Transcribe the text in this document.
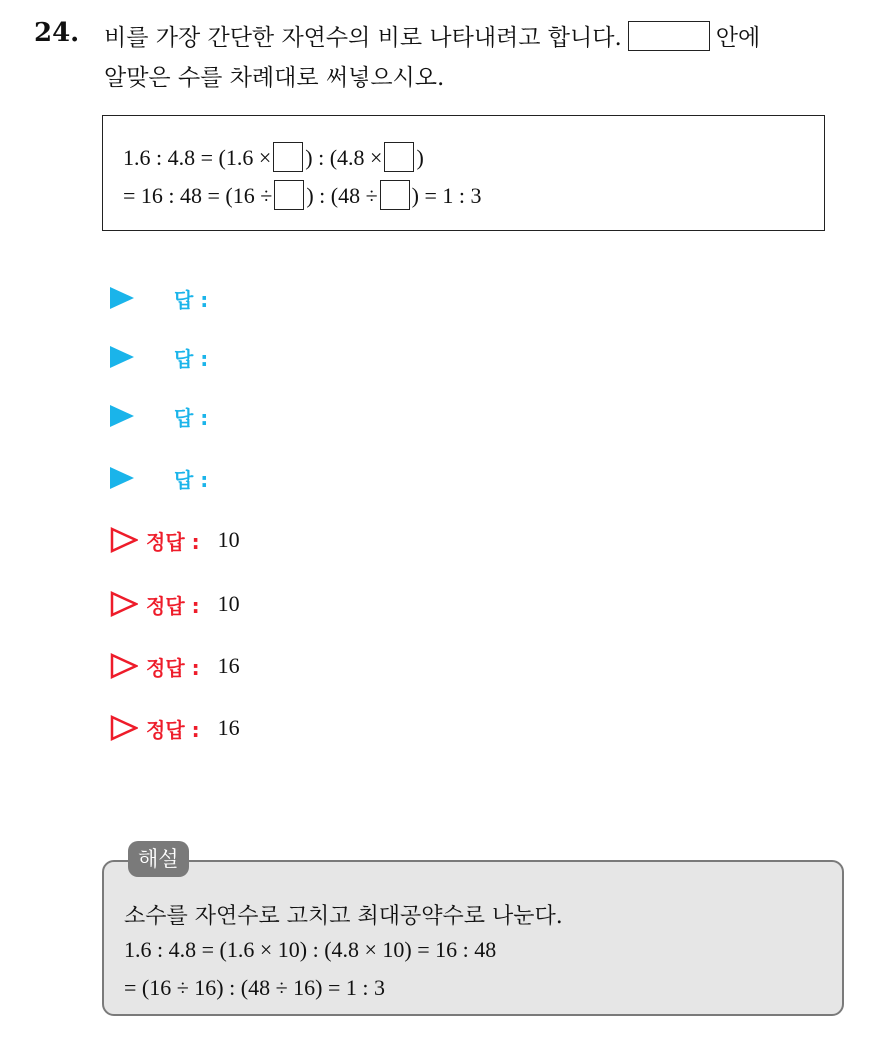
24. 비를 가장 간단한 자연수의 비로 나타내려고 합니다.	안에
알맞은 수를 차례대로 써넣으시오.
1.6 : 4.8 = (1.6 × ) : (4.8 × )
= 16 : 48 = (16 ÷ ) : (48 ÷ ) = 1 : 3
답 :
답 :
답 :
답 :
정답 : 10
정답 : 10
정답 : 16
정답 : 16
해설
소수를 자연수로 고치고 최대공약수로 나눈다.
1.6 : 4.8 = (1.6 × 10) : (4.8 × 10) = 16 : 48
= (16 ÷ 16) : (48 ÷ 16) = 1 : 3
